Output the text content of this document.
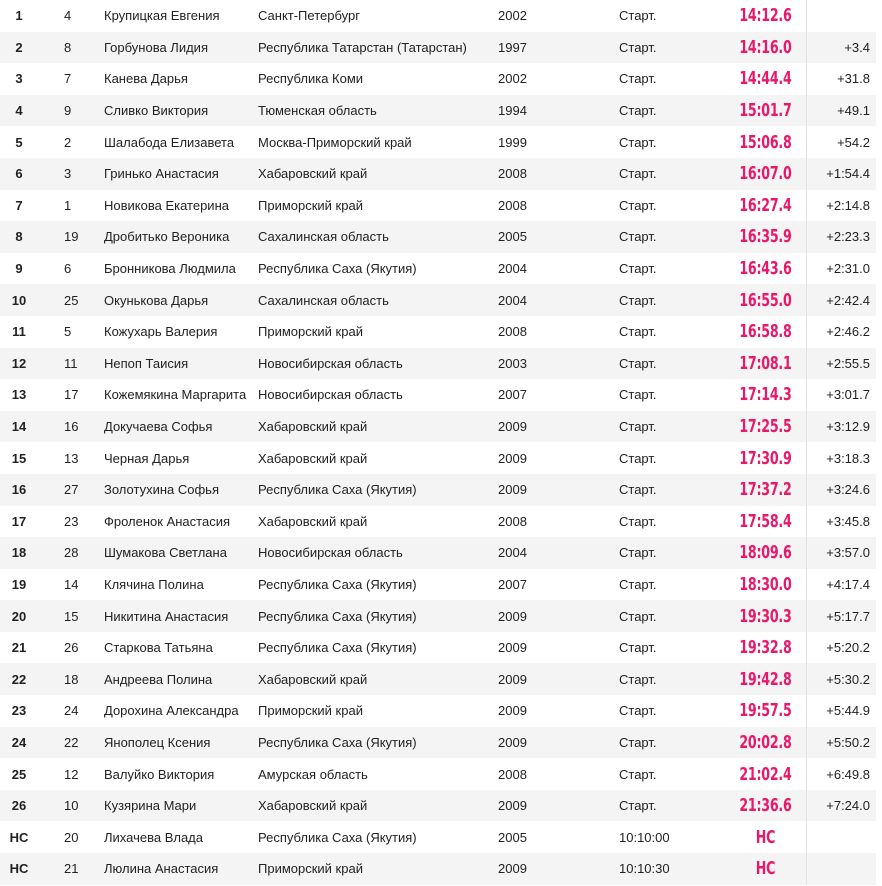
1	4	Крупицкая Евгения	Санкт-Петербург	2002	Старт.	14:12.6	
2	8	Горбунова Лидия	Республика Татарстан (Татарстан)	1997	Старт.	14:16.0	+3.4
3	7	Канева Дарья	Республика Коми	2002	Старт.	14:44.4	+31.8
4	9	Сливко Виктория	Тюменская область	1994	Старт.	15:01.7	+49.1
5	2	Шалабода Елизавета	Москва-Приморский край	1999	Старт.	15:06.8	+54.2
6	3	Гринько Анастасия	Хабаровский край	2008	Старт.	16:07.0	+1:54.4
7	1	Новикова Екатерина	Приморский край	2008	Старт.	16:27.4	+2:14.8
8	19	Дробитько Вероника	Сахалинская область	2005	Старт.	16:35.9	+2:23.3
9	6	Бронникова Людмила	Республика Саха (Якутия)	2004	Старт.	16:43.6	+2:31.0
10	25	Окунькова Дарья	Сахалинская область	2004	Старт.	16:55.0	+2:42.4
11	5	Кожухарь Валерия	Приморский край	2008	Старт.	16:58.8	+2:46.2
12	11	Непоп Таисия	Новосибирская область	2003	Старт.	17:08.1	+2:55.5
13	17	Кожемякина Маргарита	Новосибирская область	2007	Старт.	17:14.3	+3:01.7
14	16	Докучаева Софья	Хабаровский край	2009	Старт.	17:25.5	+3:12.9
15	13	Черная Дарья	Хабаровский край	2009	Старт.	17:30.9	+3:18.3
16	27	Золотухина Софья	Республика Саха (Якутия)	2009	Старт.	17:37.2	+3:24.6
17	23	Фроленок Анастасия	Хабаровский край	2008	Старт.	17:58.4	+3:45.8
18	28	Шумакова Светлана	Новосибирская область	2004	Старт.	18:09.6	+3:57.0
19	14	Клячина Полина	Республика Саха (Якутия)	2007	Старт.	18:30.0	+4:17.4
20	15	Никитина Анастасия	Республика Саха (Якутия)	2009	Старт.	19:30.3	+5:17.7
21	26	Старкова Татьяна	Республика Саха (Якутия)	2009	Старт.	19:32.8	+5:20.2
22	18	Андреева Полина	Хабаровский край	2009	Старт.	19:42.8	+5:30.2
23	24	Дорохина Александра	Приморский край	2009	Старт.	19:57.5	+5:44.9
24	22	Янополец Ксения	Республика Саха (Якутия)	2009	Старт.	20:02.8	+5:50.2
25	12	Валуйко Виктория	Амурская область	2008	Старт.	21:02.4	+6:49.8
26	10	Кузярина Мари	Хабаровский край	2009	Старт.	21:36.6	+7:24.0
НС	20	Лихачева Влада	Республика Саха (Якутия)	2005	10:10:00	НС	
НС	21	Люлина Анастасия	Приморский край	2009	10:10:30	НС	
